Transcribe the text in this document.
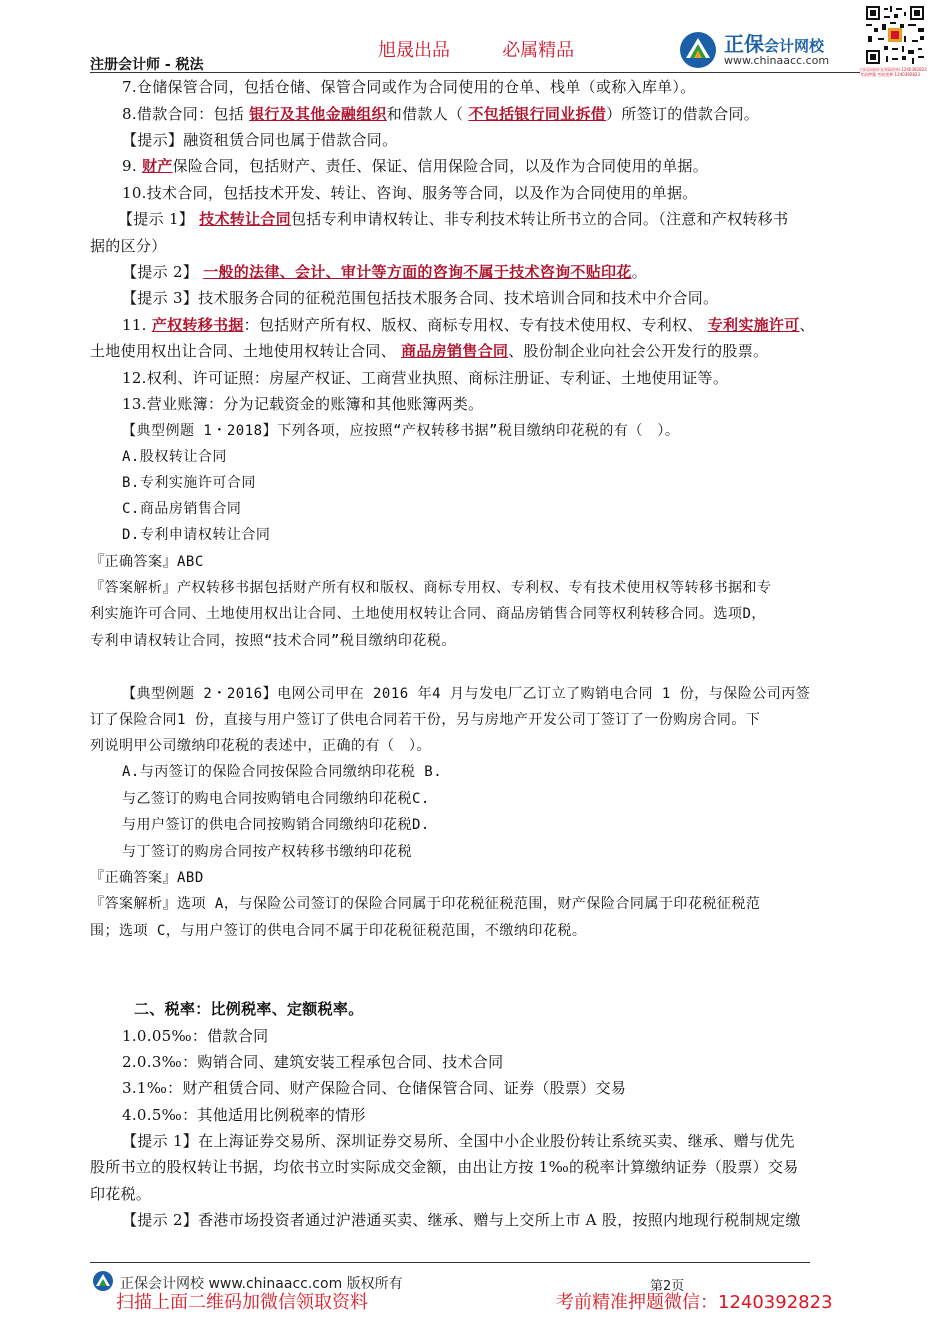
旭晟出品	必属精品
注册会计师 - 税法
正保会计网校
www.chinaacc.com
扫码添加好友领取资料 1240392823
考前押题 考前密押 1240392823
7.仓储保管合同，包括仓储、保管合同或作为合同使用的仓单、栈单（或称入库单）。
8.借款合同：包括 银行及其他金融组织和借款人（ 不包括银行同业拆借）所签订的借款合同。
【提示】融资租赁合同也属于借款合同。
9. 财产保险合同，包括财产、责任、保证、信用保险合同，以及作为合同使用的单据。
10.技术合同，包括技术开发、转让、咨询、服务等合同，以及作为合同使用的单据。
【提示 1】 技术转让合同包括专利申请权转让、非专利技术转让所书立的合同。（注意和产权转移书
据的区分）
【提示 2】 一般的法律、会计、审计等方面的咨询不属于技术咨询不贴印花。
【提示 3】技术服务合同的征税范围包括技术服务合同、技术培训合同和技术中介合同。
11. 产权转移书据：包括财产所有权、版权、商标专用权、专有技术使用权、专利权、 专利实施许可、
土地使用权出让合同、土地使用权转让合同、 商品房销售合同、股份制企业向社会公开发行的股票。
12.权利、许可证照：房屋产权证、工商营业执照、商标注册证、专利证、土地使用证等。
13.营业账簿：分为记载资金的账簿和其他账簿两类。
【典型例题 1・2018】下列各项，应按照“产权转移书据”税目缴纳印花税的有（　）。
A.股权转让合同
B.专利实施许可合同
C.商品房销售合同
D.专利申请权转让合同
『正确答案』ABC
『答案解析』产权转移书据包括财产所有权和版权、商标专用权、专利权、专有技术使用权等转移书据和专
利实施许可合同、土地使用权出让合同、土地使用权转让合同、商品房销售合同等权利转移合同。选项D，
专利申请权转让合同，按照“技术合同”税目缴纳印花税。
【典型例题 2・2016】电网公司甲在 2016 年4 月与发电厂乙订立了购销电合同 1 份，与保险公司丙签
订了保险合同1 份，直接与用户签订了供电合同若干份，另与房地产开发公司丁签订了一份购房合同。下
列说明甲公司缴纳印花税的表述中，正确的有（　）。
A.与丙签订的保险合同按保险合同缴纳印花税 B.
与乙签订的购电合同按购销电合同缴纳印花税C.
与用户签订的供电合同按购销合同缴纳印花税D.
与丁签订的购房合同按产权转移书缴纳印花税
『正确答案』ABD
『答案解析』选项 A，与保险公司签订的保险合同属于印花税征税范围，财产保险合同属于印花税征税范
围；选项 C，与用户签订的供电合同不属于印花税征税范围，不缴纳印花税。
二、税率：比例税率、定额税率。
1.0.05‰：借款合同
2.0.3‰：购销合同、建筑安装工程承包合同、技术合同
3.1‰：财产租赁合同、财产保险合同、仓储保管合同、证券（股票）交易
4.0.5‰：其他适用比例税率的情形
【提示 1】在上海证券交易所、深圳证券交易所、全国中小企业股份转让系统买卖、继承、赠与优先
股所书立的股权转让书据，均依书立时实际成交金额，由出让方按 1‰的税率计算缴纳证券（股票）交易
印花税。
【提示 2】香港市场投资者通过沪港通买卖、继承、赠与上交所上市 A 股，按照内地现行税制规定缴
正保会计网校 www.chinaacc.com 版权所有	第2页
扫描上面二维码加微信领取资料	考前精准押题微信：1240392823
